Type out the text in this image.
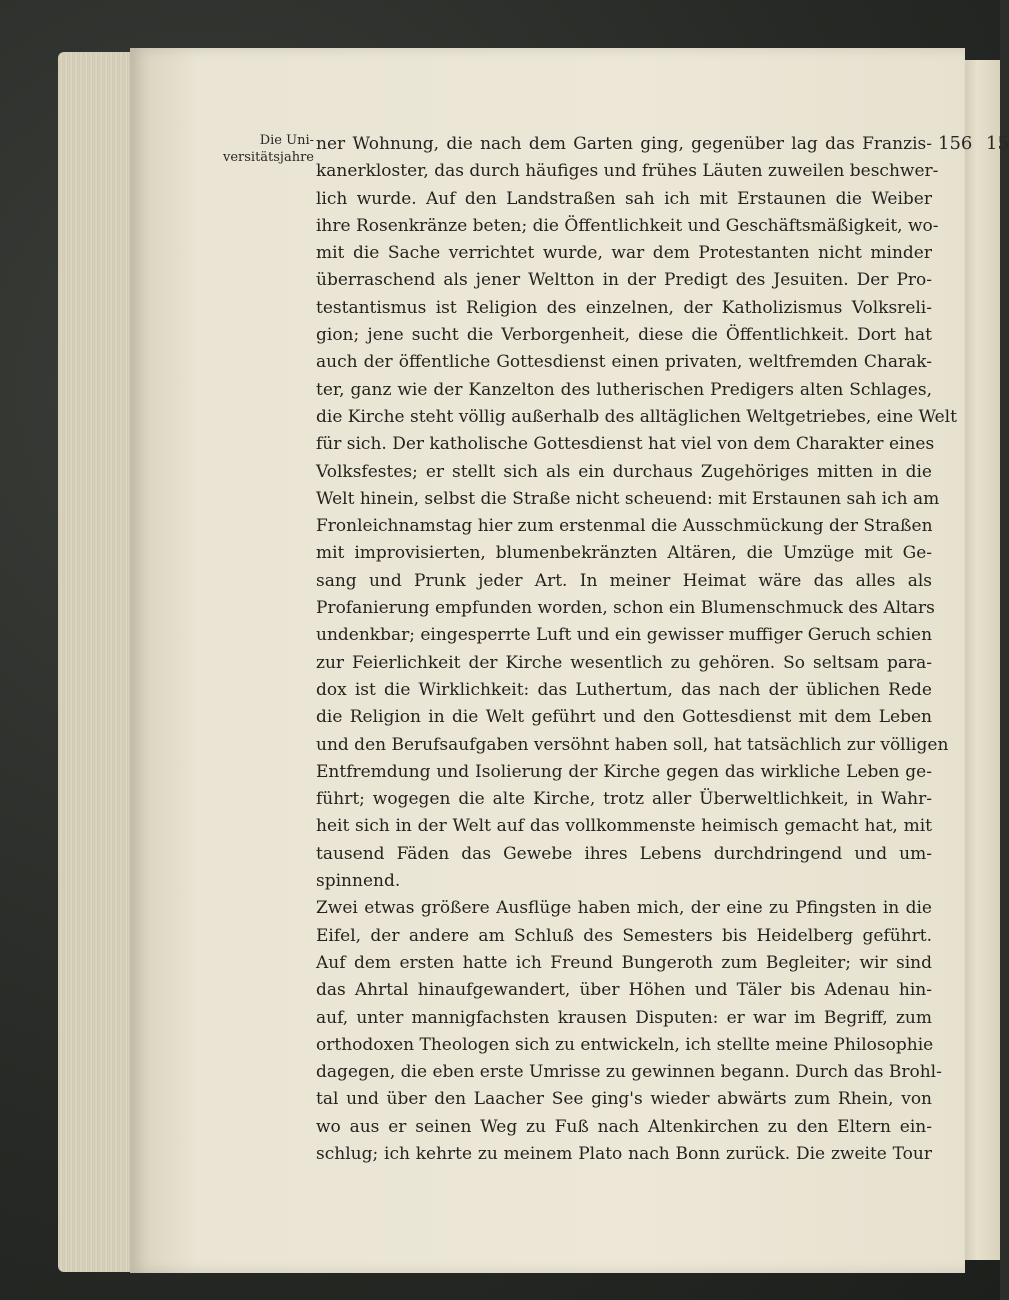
Die Uni-
versitätsjahre
156 15
ner Wohnung, die nach dem Garten ging, gegenüber lag das Franzis-
kanerkloster, das durch häufiges und frühes Läuten zuweilen beschwer-
lich wurde. Auf den Landstraßen sah ich mit Erstaunen die Weiber
ihre Rosenkränze beten; die Öffentlichkeit und Geschäftsmäßigkeit, wo-
mit die Sache verrichtet wurde, war dem Protestanten nicht minder
überraschend als jener Weltton in der Predigt des Jesuiten. Der Pro-
testantismus ist Religion des einzelnen, der Katholizismus Volksreli-
gion; jene sucht die Verborgenheit, diese die Öffentlichkeit. Dort hat
auch der öffentliche Gottesdienst einen privaten, weltfremden Charak-
ter, ganz wie der Kanzelton des lutherischen Predigers alten Schlages,
die Kirche steht völlig außerhalb des alltäglichen Weltgetriebes, eine Welt
für sich. Der katholische Gottesdienst hat viel von dem Charakter eines
Volksfestes; er stellt sich als ein durchaus Zugehöriges mitten in die
Welt hinein, selbst die Straße nicht scheuend: mit Erstaunen sah ich am
Fronleichnamstag hier zum erstenmal die Ausschmückung der Straßen
mit improvisierten, blumenbekränzten Altären, die Umzüge mit Ge-
sang und Prunk jeder Art. In meiner Heimat wäre das alles als
Profanierung empfunden worden, schon ein Blumenschmuck des Altars
undenkbar; eingesperrte Luft und ein gewisser muffiger Geruch schien
zur Feierlichkeit der Kirche wesentlich zu gehören. So seltsam para-
dox ist die Wirklichkeit: das Luthertum, das nach der üblichen Rede
die Religion in die Welt geführt und den Gottesdienst mit dem Leben
und den Berufsaufgaben versöhnt haben soll, hat tatsächlich zur völligen
Entfremdung und Isolierung der Kirche gegen das wirkliche Leben ge-
führt; wogegen die alte Kirche, trotz aller Überweltlichkeit, in Wahr-
heit sich in der Welt auf das vollkommenste heimisch gemacht hat, mit
tausend Fäden das Gewebe ihres Lebens durchdringend und um-
spinnend.
Zwei etwas größere Ausflüge haben mich, der eine zu Pfingsten in die
Eifel, der andere am Schluß des Semesters bis Heidelberg geführt.
Auf dem ersten hatte ich Freund Bungeroth zum Begleiter; wir sind
das Ahrtal hinaufgewandert, über Höhen und Täler bis Adenau hin-
auf, unter mannigfachsten krausen Disputen: er war im Begriff, zum
orthodoxen Theologen sich zu entwickeln, ich stellte meine Philosophie
dagegen, die eben erste Umrisse zu gewinnen begann. Durch das Brohl-
tal und über den Laacher See ging's wieder abwärts zum Rhein, von
wo aus er seinen Weg zu Fuß nach Altenkirchen zu den Eltern ein-
schlug; ich kehrte zu meinem Plato nach Bonn zurück. Die zweite Tour
